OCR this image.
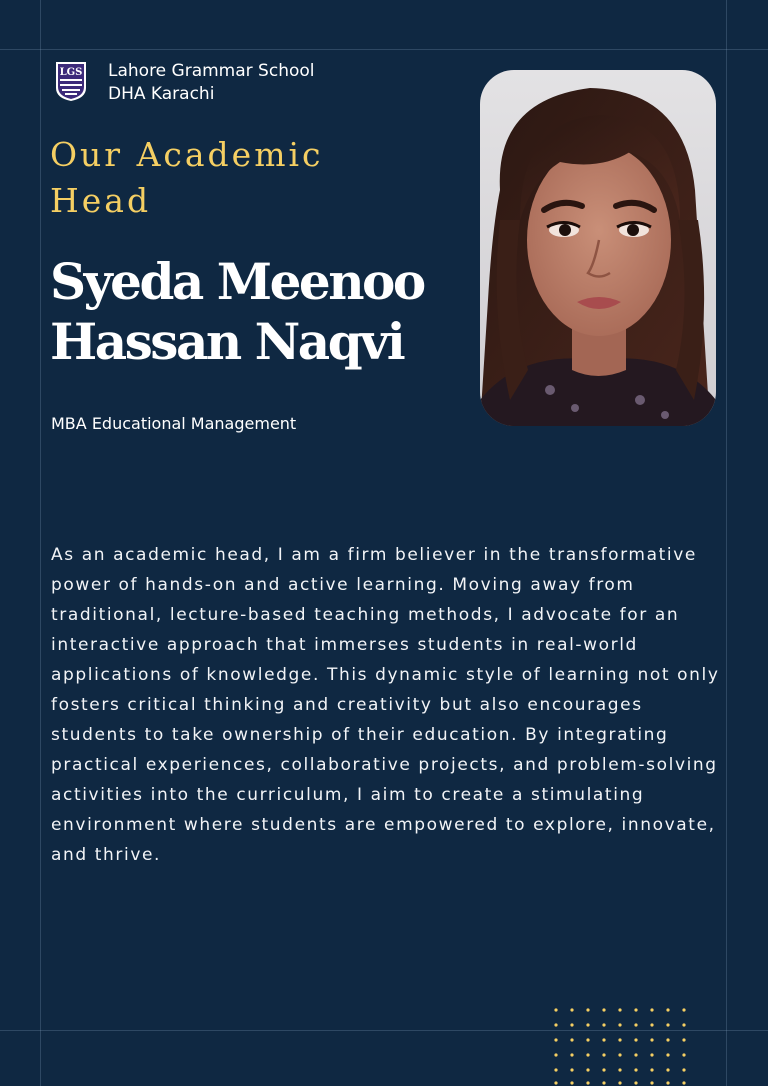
LGS Lahore Grammar School
DHA Karachi
Our Academic
Head
Syeda Meenoo
Hassan Naqvi
MBA Educational Management

As an academic head, I am a firm believer in the transformative power of hands-on and active learning. Moving away from traditional, lecture-based teaching methods, I advocate for an interactive approach that immerses students in real-world applications of knowledge. This dynamic style of learning not only fosters critical thinking and creativity but also encourages students to take ownership of their education. By integrating practical experiences, collaborative projects, and problem-solving activities into the curriculum, I aim to create a stimulating environment where students are empowered to explore, innovate, and thrive.
